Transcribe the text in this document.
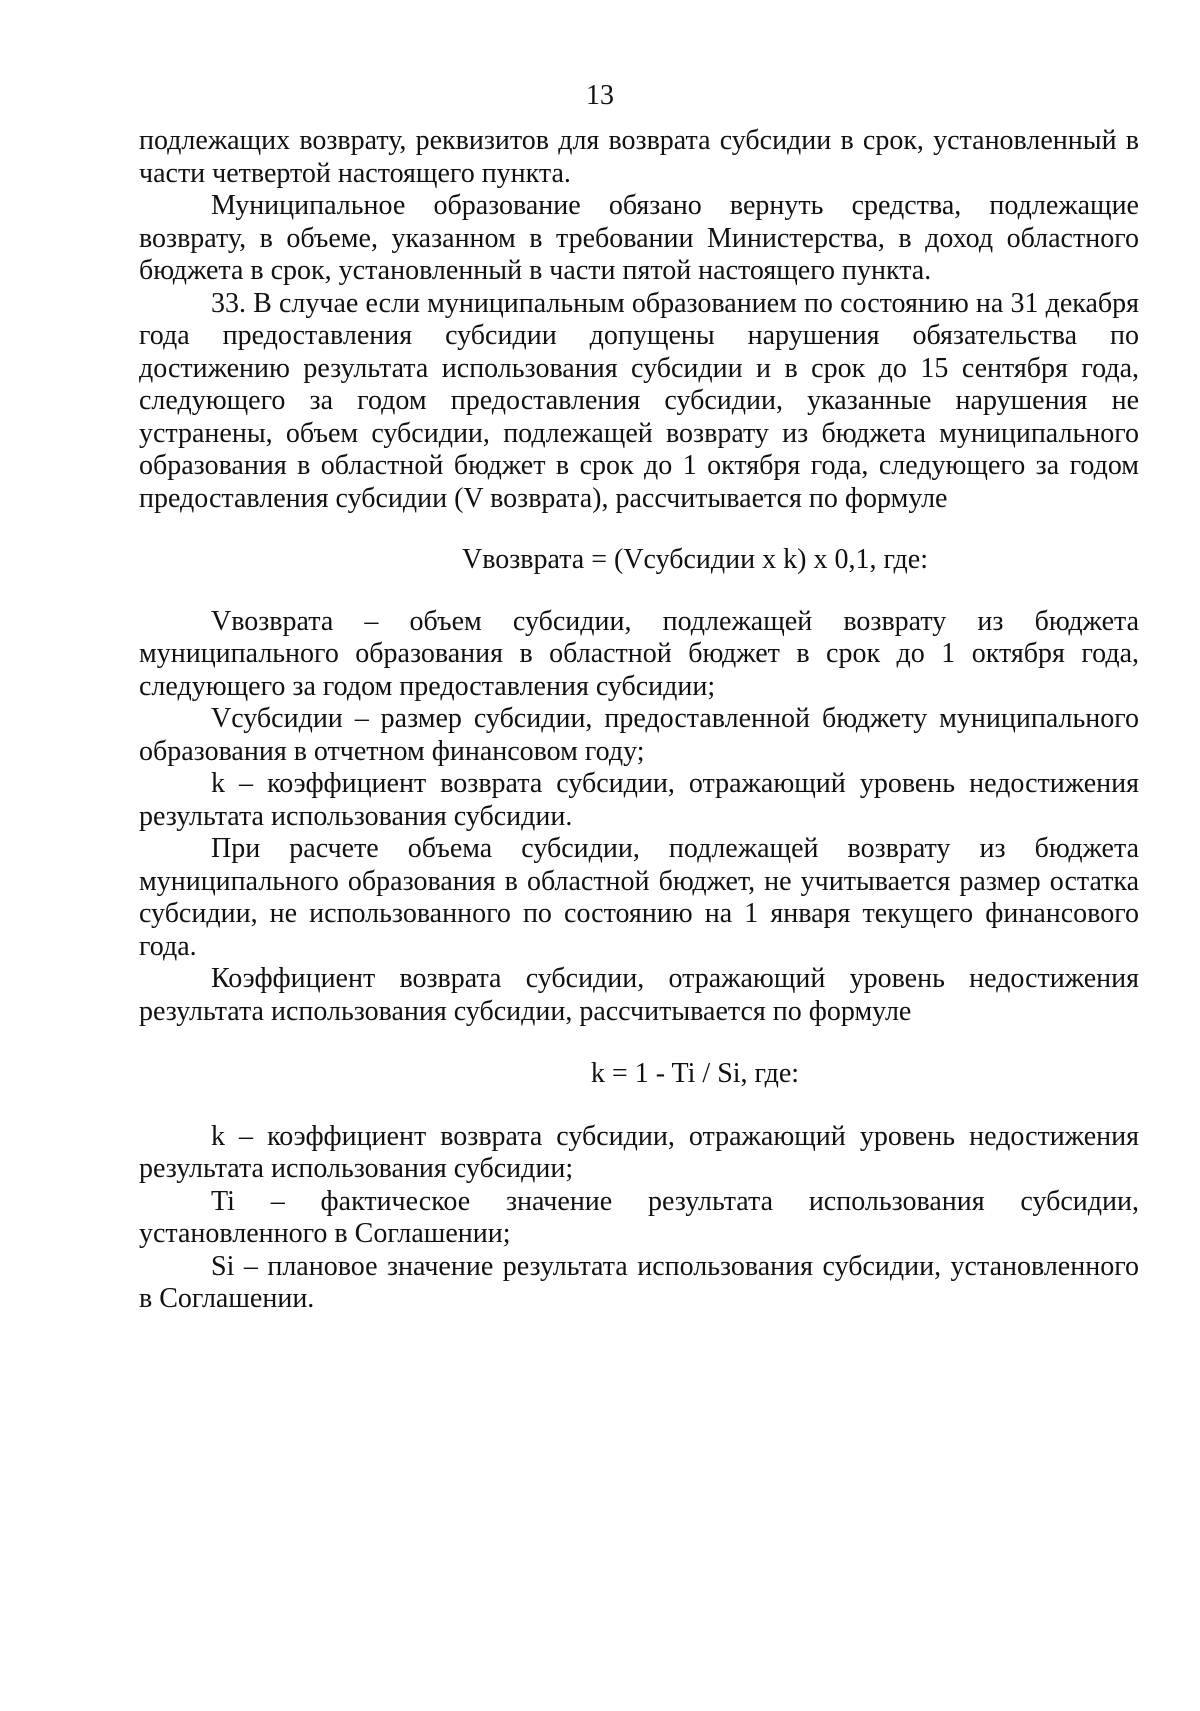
13

подлежащих возврату, реквизитов для возврата субсидии в срок, установленный в части четвертой настоящего пункта.

Муниципальное образование обязано вернуть средства, подлежащие возврату, в объеме, указанном в требовании Министерства, в доход областного бюджета в срок, установленный в части пятой настоящего пункта.

33. В случае если муниципальным образованием по состоянию на 31 декабря года предоставления субсидии допущены нарушения обязательства по достижению результата использования субсидии и в срок до 15 сентября года, следующего за годом предоставления субсидии, указанные нарушения не устранены, объем субсидии, подлежащей возврату из бюджета муниципального образования в областной бюджет в срок до 1 октября года, следующего за годом предоставления субсидии (V возврата), рассчитывается по формуле

Vвозврата = (Vсубсидии x k) x 0,1, где:

Vвозврата – объем субсидии, подлежащей возврату из бюджета муниципального образования в областной бюджет в срок до 1 октября года, следующего за годом предоставления субсидии;

Vсубсидии – размер субсидии, предоставленной бюджету муниципального образования в отчетном финансовом году;

k – коэффициент возврата субсидии, отражающий уровень недостижения результата использования субсидии.

При расчете объема субсидии, подлежащей возврату из бюджета муниципального образования в областной бюджет, не учитывается размер остатка субсидии, не использованного по состоянию на 1 января текущего финансового года.

Коэффициент возврата субсидии, отражающий уровень недостижения результата использования субсидии, рассчитывается по формуле

k = 1 - Ti / Si, где:

k – коэффициент возврата субсидии, отражающий уровень недостижения результата использования субсидии;

Ti – фактическое значение результата использования субсидии, установленного в Соглашении;

Si – плановое значение результата использования субсидии, установленного в Соглашении.
